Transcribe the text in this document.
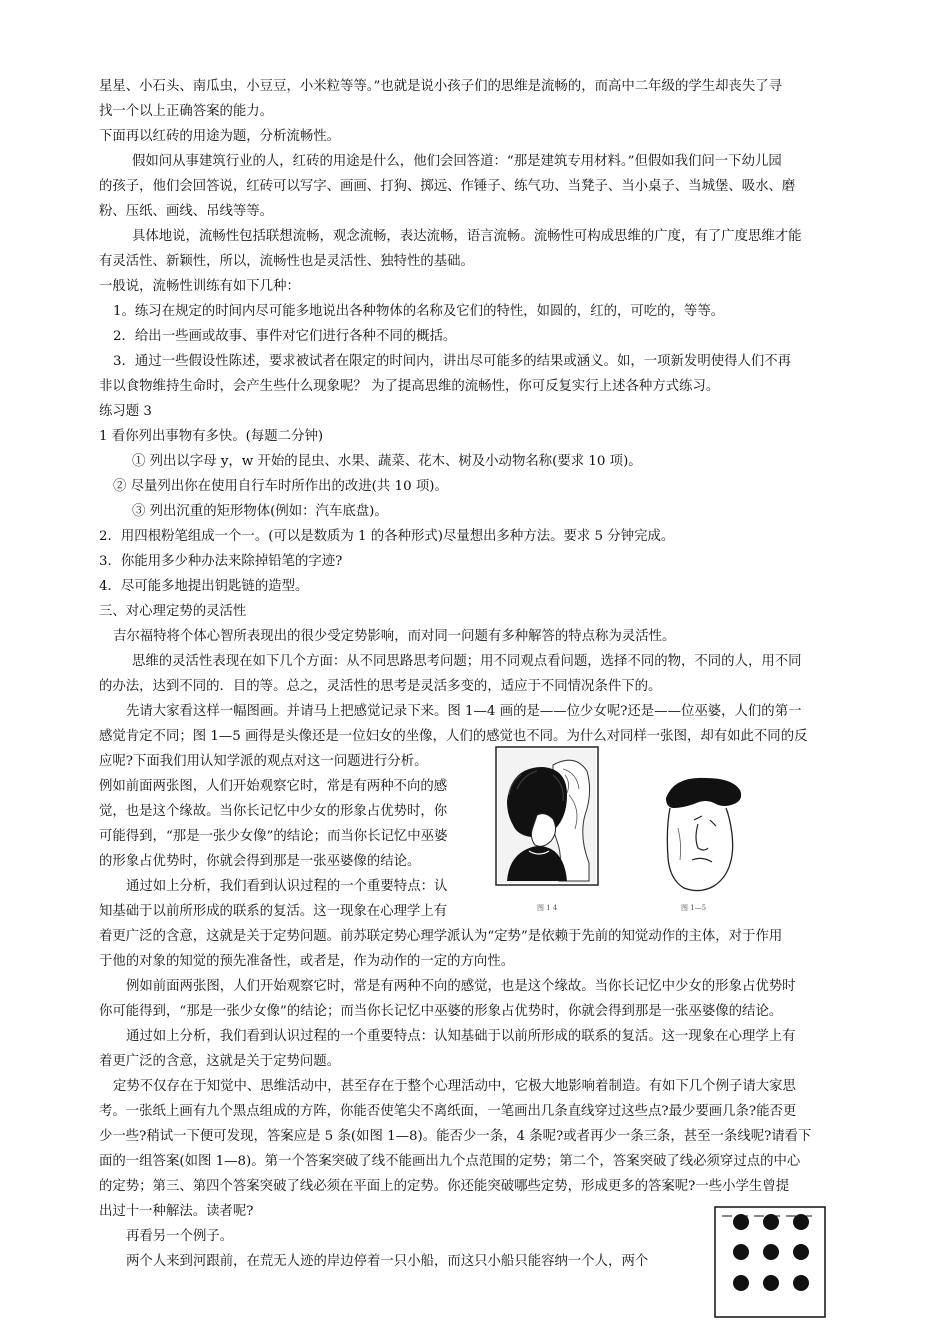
星星、小石头、南瓜虫，小豆豆，小米粒等等。”也就是说小孩子们的思维是流畅的，而高中二年级的学生却丧失了寻
找一个以上正确答案的能力。
下面再以红砖的用途为题，分析流畅性。
假如问从事建筑行业的人，红砖的用途是什么，他们会回答道：“那是建筑专用材料。”但假如我们问一下幼儿园
的孩子，他们会回答说，红砖可以写字、画画、打狗、掷远、作锤子、练气功、当凳子、当小桌子、当城堡、吸水、磨
粉、压纸、画线、吊线等等。
具体地说，流畅性包括联想流畅，观念流畅，表达流畅，语言流畅。流畅性可构成思维的广度，有了广度思维才能
有灵活性、新颖性，所以，流畅性也是灵活性、独特性的基础。
一般说，流畅性训练有如下几种：
1。练习在规定的时间内尽可能多地说出各种物体的名称及它们的特性，如圆的，红的，可吃的，等等。
2．给出一些画或故事、事件对它们进行各种不同的概括。
3．通过一些假设性陈述，要求被试者在限定的时间内，讲出尽可能多的结果或涵义。如，一项新发明使得人们不再
非以食物维持生命时，会产生些什么现象呢？ 为了提高思维的流畅性，你可反复实行上述各种方式练习。
练习题 3
1 看你列出事物有多快。(每题二分钟)
① 列出以字母 y，w 开始的昆虫、水果、蔬菜、花木、树及小动物名称(要求 10 项)。
② 尽量列出你在使用自行车时所作出的改进(共 10 项)。
③ 列出沉重的矩形物体(例如：汽车底盘)。
2．用四根粉笔组成一个一。(可以是数质为 1 的各种形式)尽量想出多种方法。要求 5 分钟完成。
3．你能用多少种办法来除掉铅笔的字迹?
4．尽可能多地提出钥匙链的造型。
三、对心理定势的灵活性
吉尔福特将个体心智所表现出的很少受定势影响，而对同一问题有多种解答的特点称为灵活性。
思维的灵活性表现在如下几个方面：从不同思路思考问题；用不同观点看问题，选择不同的物，不同的人，用不同
的办法，达到不同的．目的等。总之，灵活性的思考是灵活多变的，适应于不同情况条件下的。
先请大家看这样一幅图画。并请马上把感觉记录下来。图 1—4 画的是——位少女呢?还是——位巫婆，人们的第一
感觉肯定不同；图 1—5 画得是头像还是一位妇女的坐像，人们的感觉也不同。为什么对同样一张图，却有如此不同的反
应呢?下面我们用认知学派的观点对这一问题进行分析。
例如前面两张图，人们开始观察它时，常是有两种不向的感
觉，也是这个缘故。当你长记忆中少女的形象占优势时，你
可能得到，“那是一张少女像”的结论；而当你长记忆中巫婆
的形象占优势时，你就会得到那是一张巫婆像的结论。
通过如上分析，我们看到认识过程的一个重要特点：认
知基础于以前所形成的联系的复活。这一现象在心理学上有
着更广泛的含意，这就是关于定势问题。前苏联定势心理学派认为“定势”是依赖于先前的知觉动作的主体，对于作用
于他的对象的知觉的预先准备性，或者是，作为动作的一定的方向性。
例如前面两张图，人们开始观察它时，常是有两种不向的感觉，也是这个缘故。当你长记忆中少女的形象占优势时
你可能得到，“那是一张少女像”的结论；而当你长记忆中巫婆的形象占优势时，你就会得到那是一张巫婆像的结论。
通过如上分析，我们看到认识过程的一个重要特点：认知基础于以前所形成的联系的复活。这一现象在心理学上有
着更广泛的含意，这就是关于定势问题。
定势不仅存在于知觉中、思维活动中，甚至存在于整个心理活动中，它极大地影响着制造。有如下几个例子请大家思
考。一张纸上画有九个黑点组成的方阵，你能否使笔尖不离纸面，一笔画出几条直线穿过这些点?最少要画几条?能否更
少一些?稍试一下便可发现，答案应是 5 条(如图 1—8)。能否少一条，4 条呢?或者再少一条三条，甚至一条线呢?请看下
面的一组答案(如图 1—8)。第一个答案突破了线不能画出九个点范围的定势；第二个，答案突破了线必须穿过点的中心
的定势；第三、第四个答案突破了线必须在平面上的定势。你还能突破哪些定势，形成更多的答案呢?一些小学生曾提
出过十一种解法。读者呢?
再看另一个例子。
两个人来到河跟前，在荒无人迹的岸边停着一只小船，而这只小船只能容纳一个人，两个
图 1 4	图 1—5
